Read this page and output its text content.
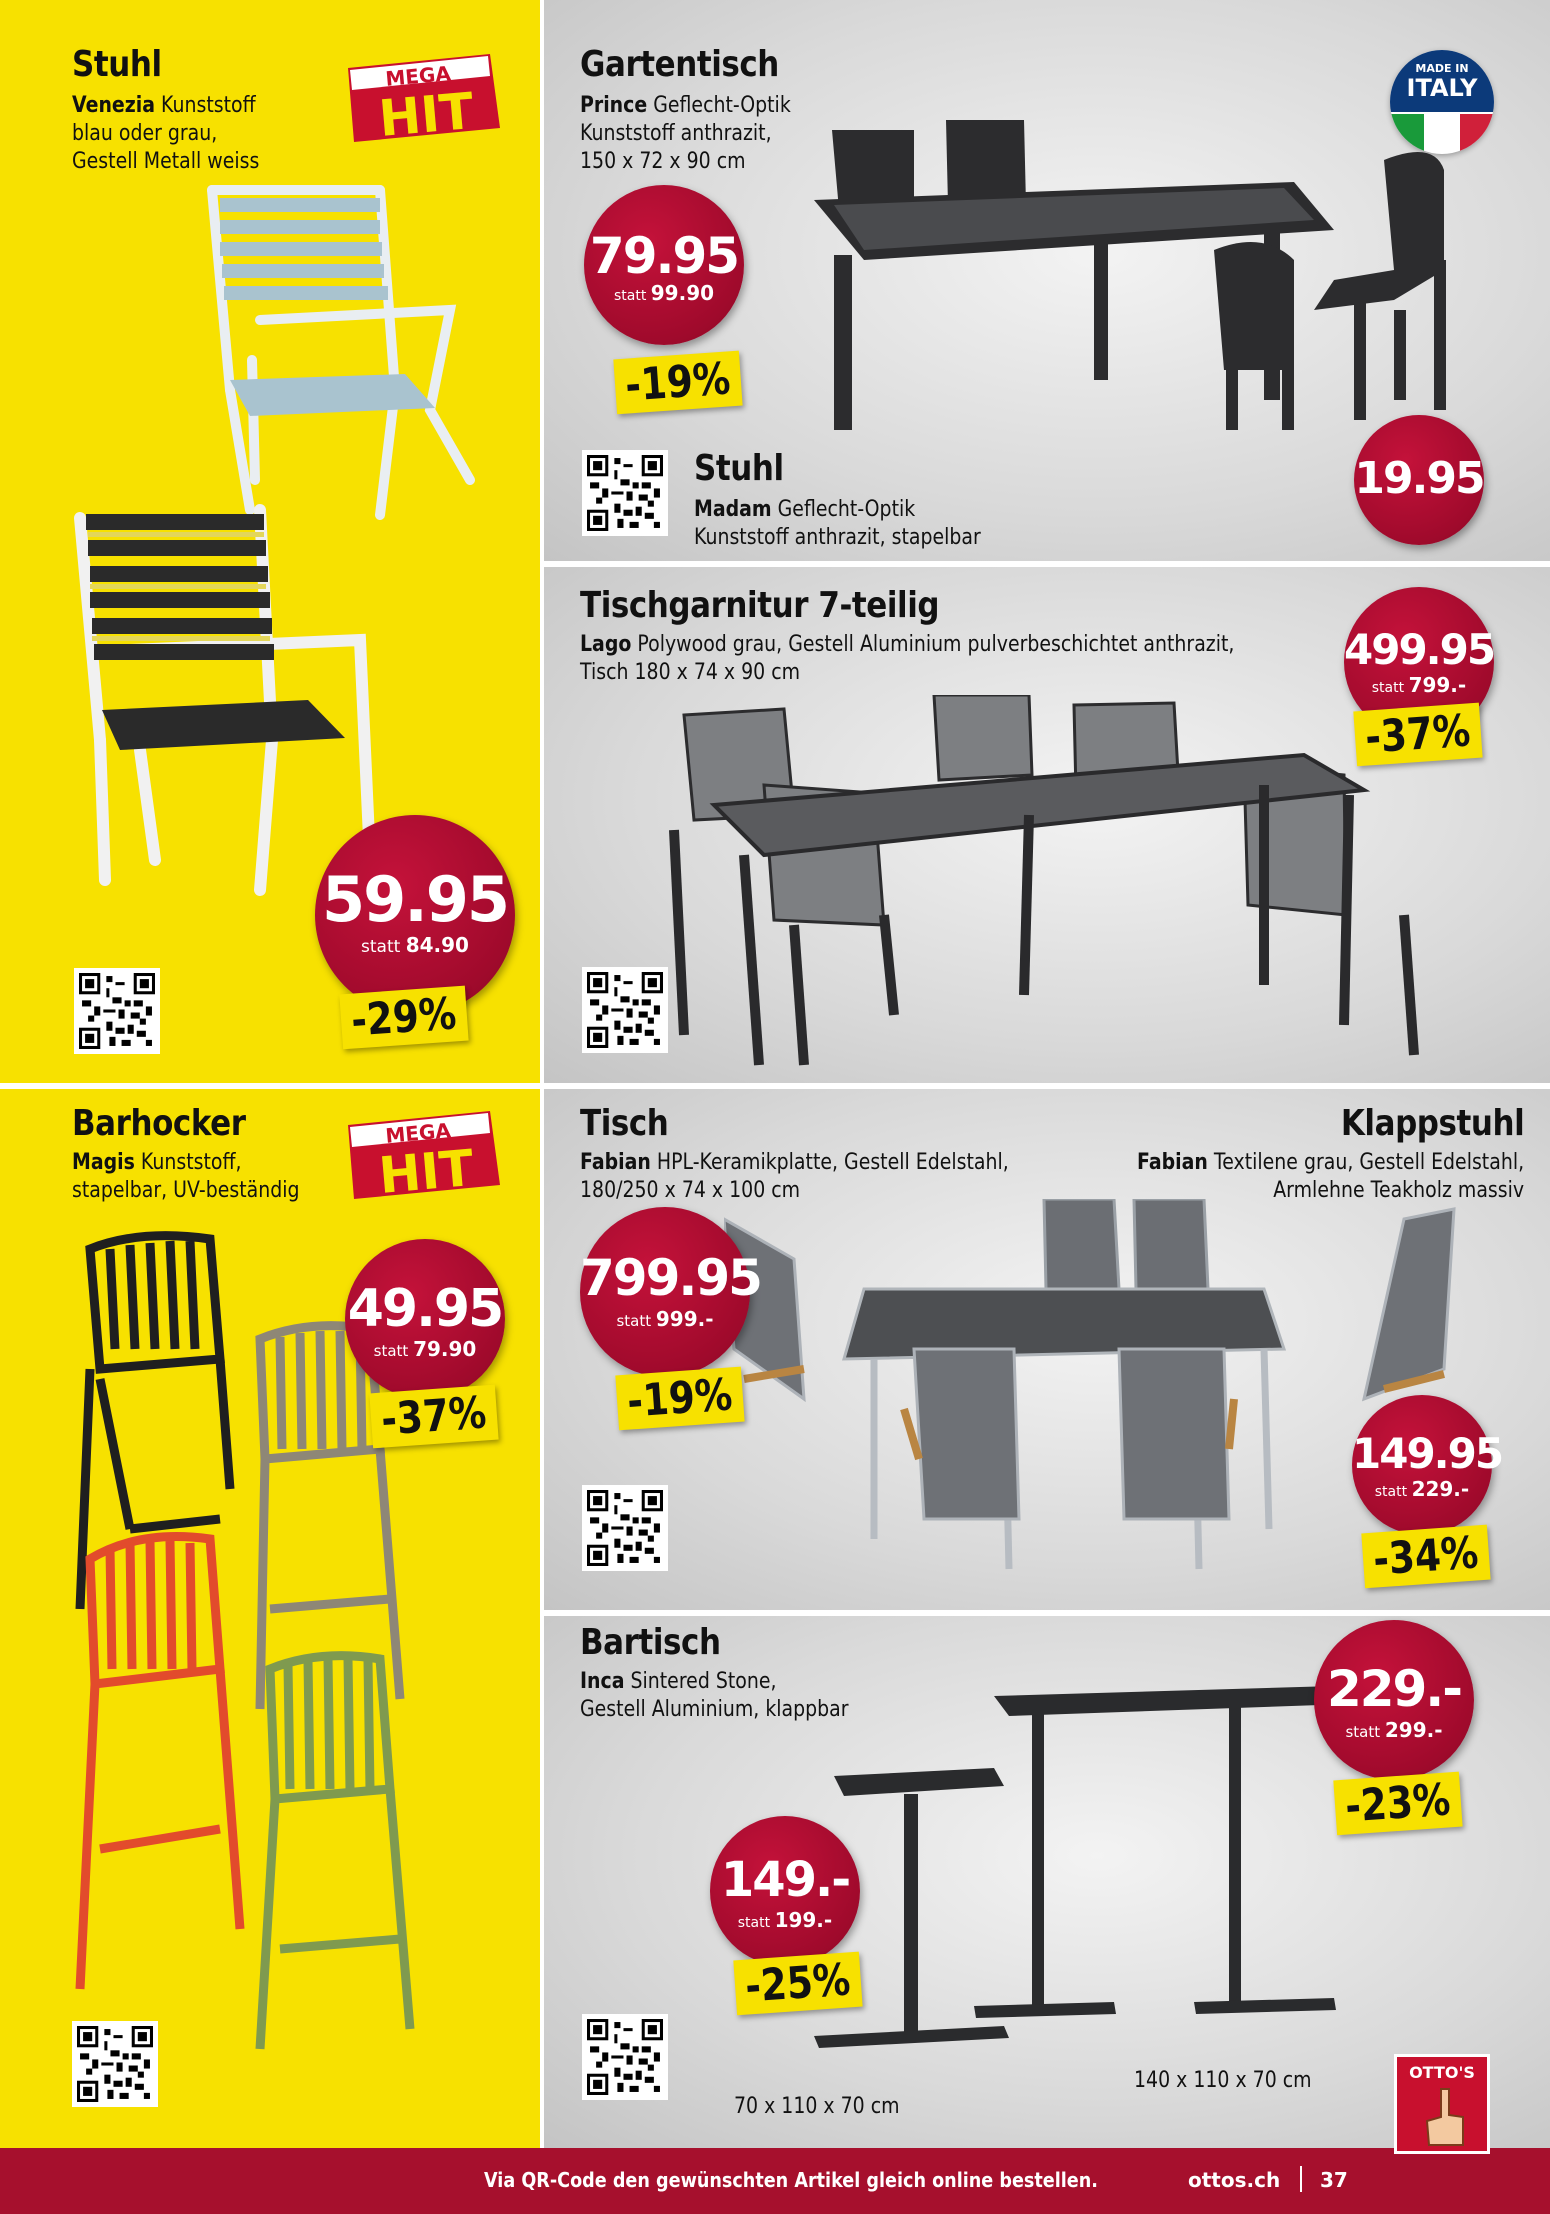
Stuhl
Venezia Kunststoff
blau oder grau,
Gestell Metall weiss
MEGA
HIT
59.95
statt 84.90
-29%
Gartentisch
Prince Geflecht-Optik
Kunststoff anthrazit,
150 x 72 x 90 cm
MADE IN
ITALY
79.95
statt 99.90
-19%
Stuhl
Madam Geflecht-Optik
Kunststoff anthrazit, stapelbar
19.95
Tischgarnitur 7-teilig
Lago Polywood grau, Gestell Aluminium pulverbeschichtet anthrazit,
Tisch 180 x 74 x 90 cm	499.95
statt 799.-
-37%
Barhocker
Magis Kunststoff,
stapelbar, UV-beständig
MEGA
HIT
49.95
statt 79.90
-37%
Tisch
Fabian HPL-Keramikplatte, Gestell Edelstahl,
180/250 x 74 x 100 cm
Klappstuhl
Fabian Textilene grau, Gestell Edelstahl,
Armlehne Teakholz massiv
799.95
statt 999.-
-19%
149.95
statt 229.-
-34%
Bartisch
Inca Sintered Stone,
Gestell Aluminium, klappbar
149.-
statt 199.-
-25%
229.-
statt 299.-
-23%
70 x 110 x 70 cm
140 x 110 x 70 cm
Via QR-Code den gewünschten Artikel gleich online bestellen.	ottos.ch 37
OTTO'S
